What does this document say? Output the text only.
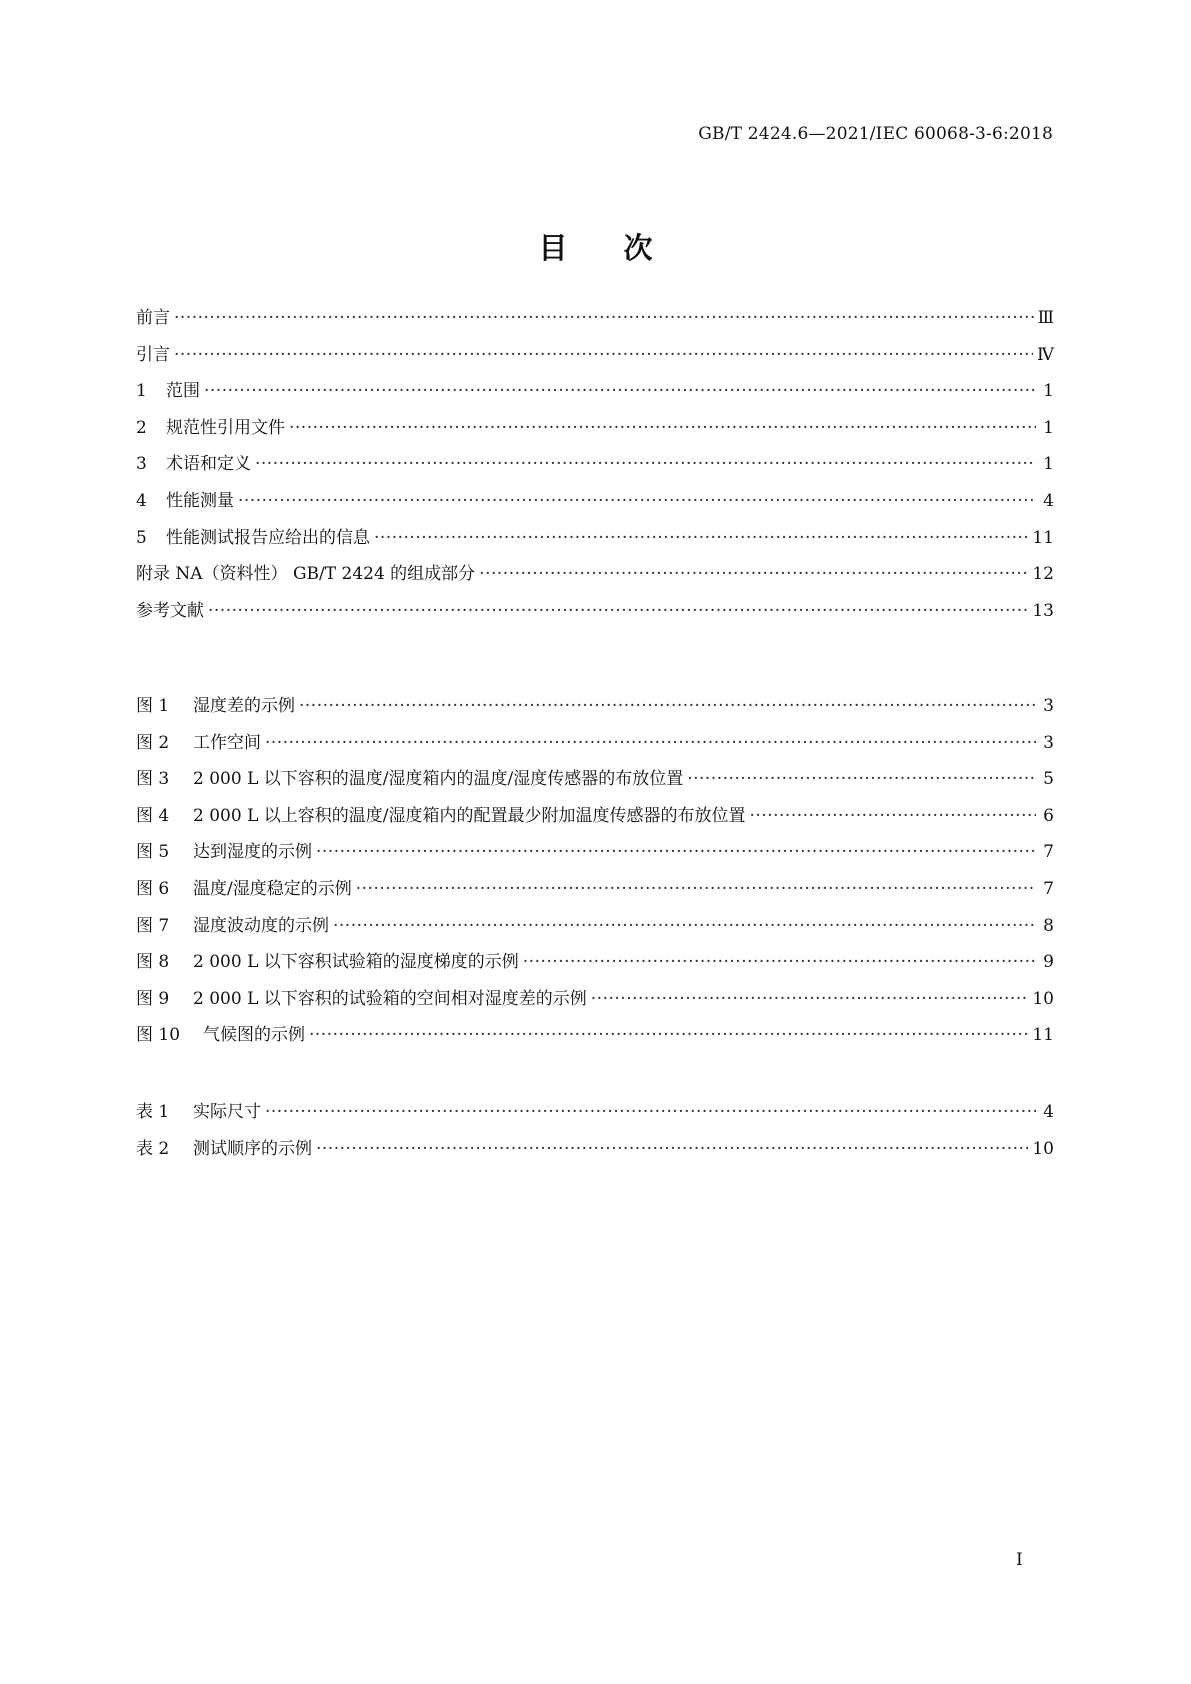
GB/T 2424.6—2021/IEC 60068-3-6:2018
目 次
前言 ·····	Ⅲ
引言 ·····	Ⅳ
1	范围 ·····	1
2	规范性引用文件 ·····	1
3	术语和定义 ·····	1
4	性能测量 ·····	4
5	性能测试报告应给出的信息 ·····	11
附录 NA（资料性） GB/T 2424 的组成部分 ·····	12
参考文献 ·····	13
图 1	湿度差的示例 ·····	3
图 2	工作空间 ·····	3
图 3	2 000 L 以下容积的温度/湿度箱内的温度/湿度传感器的布放位置 ·····	5
图 4	2 000 L 以上容积的温度/湿度箱内的配置最少附加温度传感器的布放位置 ·····	6
图 5	达到湿度的示例 ·····	7
图 6	温度/湿度稳定的示例 ·····	7
图 7	湿度波动度的示例 ·····	8
图 8	2 000 L 以下容积试验箱的湿度梯度的示例 ·····	9
图 9	2 000 L 以下容积的试验箱的空间相对湿度差的示例 ·····	10
图 10	气候图的示例 ·····	11
表 1	实际尺寸 ·····	4
表 2	测试顺序的示例 ·····	10
I
